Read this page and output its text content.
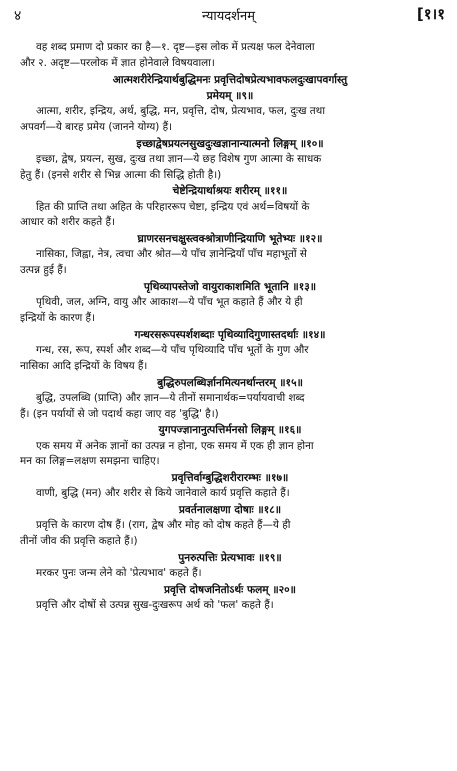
४	न्यायदर्शनम्	[१।१
वह शब्द प्रमाण दो प्रकार का है—१. दृष्ट—इस लोक में प्रत्यक्ष फल देनेवाला
और २. अदृष्ट—परलोक में ज्ञात होनेवाले विषयवाला।
आत्मशरीरेन्द्रियार्थबुद्धिमनः प्रवृत्तिदोषप्रेत्यभावफलदुःखापवर्गास्तु
प्रमेयम् ॥९॥
आत्मा, शरीर, इन्द्रिय, अर्थ, बुद्धि, मन, प्रवृत्ति, दोष, प्रेत्यभाव, फल, दुःख तथा
अपवर्ग—ये बारह प्रमेय (जानने योग्य) हैं।
इच्छाद्वेषप्रयत्नसुखदुःखज्ञानान्यात्मनो लिङ्गम् ॥१०॥
इच्छा, द्वेष, प्रयत्न, सुख, दुःख तथा ज्ञान—ये छह विशेष गुण आत्मा के साधक
हेतु हैं। (इनसे शरीर से भिन्न आत्मा की सिद्धि होती है।)
चेष्टेन्द्रियार्थाश्रयः शरीरम् ॥११॥
हित की प्राप्ति तथा अहित के परिहाररूप चेष्टा, इन्द्रिय एवं अर्थ=विषयों के
आधार को शरीर कहते हैं।
घ्राणरसनचक्षुस्त्वक्श्रोत्राणीन्द्रियाणि भूतेभ्यः ॥१२॥
नासिका, जिह्वा, नेत्र, त्वचा और श्रोत—ये पाँच ज्ञानेन्द्रियाँ पाँच महाभूतों से
उत्पन्न हुई हैं।
पृथिव्यापस्तेजो वायुराकाशमिति भूतानि ॥१३॥
पृथिवी, जल, अग्नि, वायु और आकाश—ये पाँच भूत कहाते हैं और ये ही
इन्द्रियों के कारण हैं।
गन्धरसरूपस्पर्शशब्दाः पृथिव्यादिगुणास्तदर्थाः ॥१४॥
गन्ध, रस, रूप, स्पर्श और शब्द—ये पाँच पृथिव्यादि पाँच भूतों के गुण और
नासिका आदि इन्द्रियों के विषय हैं।
बुद्धिरुपलब्धिर्ज्ञानमित्यनर्थान्तरम् ॥१५॥
बुद्धि, उपलब्धि (प्राप्ति) और ज्ञान—ये तीनों समानार्थक=पर्यायवाची शब्द
हैं। (इन पर्यायों से जो पदार्थ कहा जाए वह 'बुद्धि' है।)
युगपज्ज्ञानानुत्पत्तिर्मनसो लिङ्गम् ॥१६॥
एक समय में अनेक ज्ञानों का उत्पन्न न होना, एक समय में एक ही ज्ञान होना
मन का लिङ्ग=लक्षण समझना चाहिए।
प्रवृत्तिर्वाग्बुद्धिशरीरारम्भः ॥१७॥
वाणी, बुद्धि (मन) और शरीर से किये जानेवाले कार्य प्रवृत्ति कहाते हैं।
प्रवर्तनालक्षणा दोषाः ॥१८॥
प्रवृत्ति के कारण दोष हैं। (राग, द्वेष और मोह को दोष कहते हैं—ये ही
तीनों जीव की प्रवृत्ति कहाते हैं।)
पुनरुत्पत्तिः प्रेत्यभावः ॥१९॥
मरकर पुनः जन्म लेने को 'प्रेत्यभाव' कहते हैं।
प्रवृत्ति दोषजनितोऽर्थः फलम् ॥२०॥
प्रवृत्ति और दोषों से उत्पन्न सुख-दुःखरूप अर्थ को 'फल' कहते हैं।
